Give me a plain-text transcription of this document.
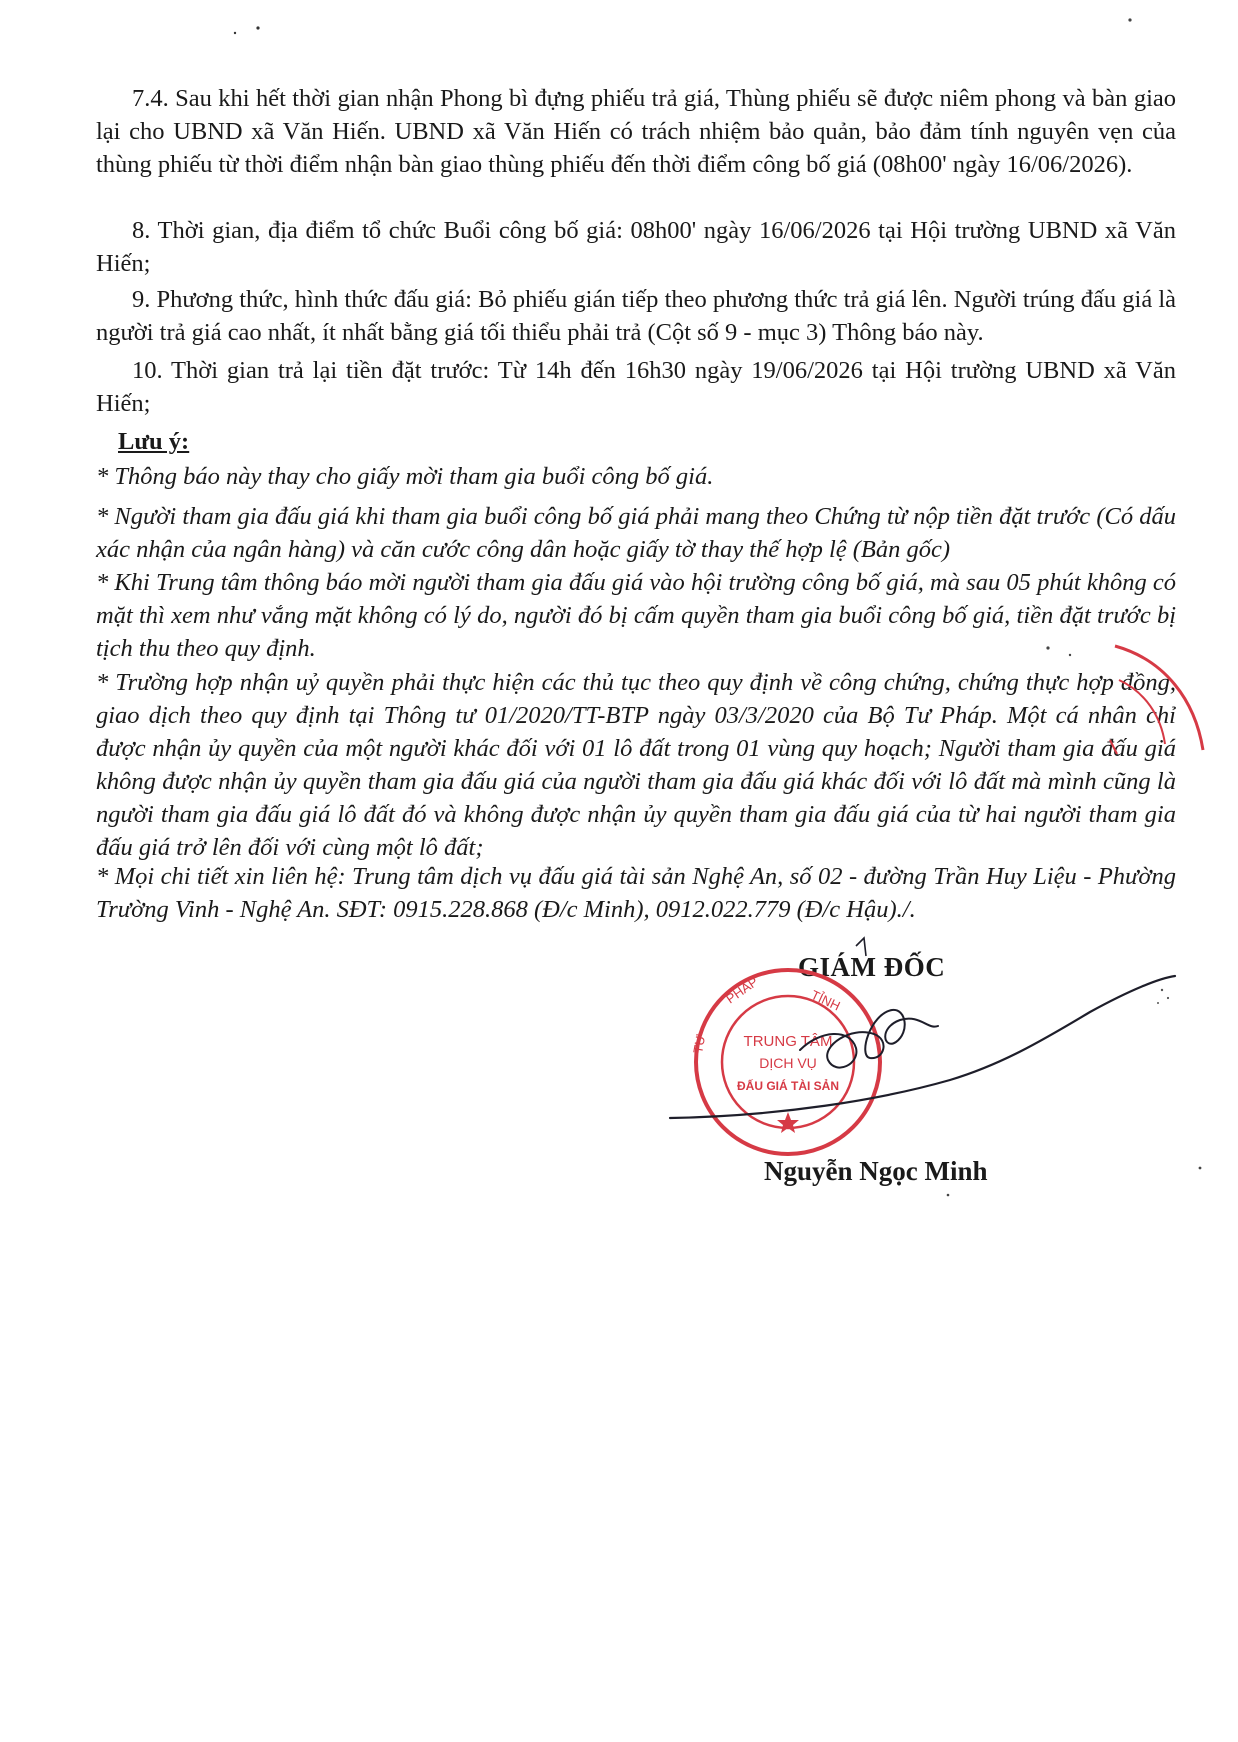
7.4. Sau khi hết thời gian nhận Phong bì đựng phiếu trả giá, Thùng phiếu sẽ được niêm phong và bàn giao lại cho UBND xã Văn Hiến. UBND xã Văn Hiến có trách nhiệm bảo quản, bảo đảm tính nguyên vẹn của thùng phiếu từ thời điểm nhận bàn giao thùng phiếu đến thời điểm công bố giá (08h00' ngày 16/06/2026).

8. Thời gian, địa điểm tổ chức Buổi công bố giá: 08h00' ngày 16/06/2026 tại Hội trường UBND xã Văn Hiến;

9. Phương thức, hình thức đấu giá: Bỏ phiếu gián tiếp theo phương thức trả giá lên. Người trúng đấu giá là người trả giá cao nhất, ít nhất bằng giá tối thiểu phải trả (Cột số 9 - mục 3) Thông báo này.

10. Thời gian trả lại tiền đặt trước: Từ 14h đến 16h30 ngày 19/06/2026 tại Hội trường UBND xã Văn Hiến;

Lưu ý:

* Thông báo này thay cho giấy mời tham gia buổi công bố giá.

* Người tham gia đấu giá khi tham gia buổi công bố giá phải mang theo Chứng từ nộp tiền đặt trước (Có dấu xác nhận của ngân hàng) và căn cước công dân hoặc giấy tờ thay thế hợp lệ (Bản gốc)

* Khi Trung tâm thông báo mời người tham gia đấu giá vào hội trường công bố giá, mà sau 05 phút không có mặt thì xem như vắng mặt không có lý do, người đó bị cấm quyền tham gia buổi công bố giá, tiền đặt trước bị tịch thu theo quy định.

* Trường hợp nhận uỷ quyền phải thực hiện các thủ tục theo quy định về công chứng, chứng thực hợp đồng, giao dịch theo quy định tại Thông tư 01/2020/TT-BTP ngày 03/3/2020 của Bộ Tư Pháp. Một cá nhân chỉ được nhận ủy quyền của một người khác đối với 01 lô đất trong 01 vùng quy hoạch; Người tham gia đấu giá không được nhận ủy quyền tham gia đấu giá của người tham gia đấu giá khác đối với lô đất mà mình cũng là người tham gia đấu giá lô đất đó và không được nhận ủy quyền tham gia đấu giá của từ hai người tham gia đấu giá trở lên đối với cùng một lô đất;

* Mọi chi tiết xin liên hệ: Trung tâm dịch vụ đấu giá tài sản Nghệ An, số 02 - đường Trần Huy Liệu - Phường Trường Vinh - Nghệ An. SĐT: 0915.228.868 (Đ/c Minh), 0912.022.779 (Đ/c Hậu)./.

GIÁM ĐỐC
PHÁP	TỈNH
TƯ TRUNG TÂM
DỊCH VỤ
ĐẤU GIÁ TÀI SẢN
Nguyễn Ngọc Minh
